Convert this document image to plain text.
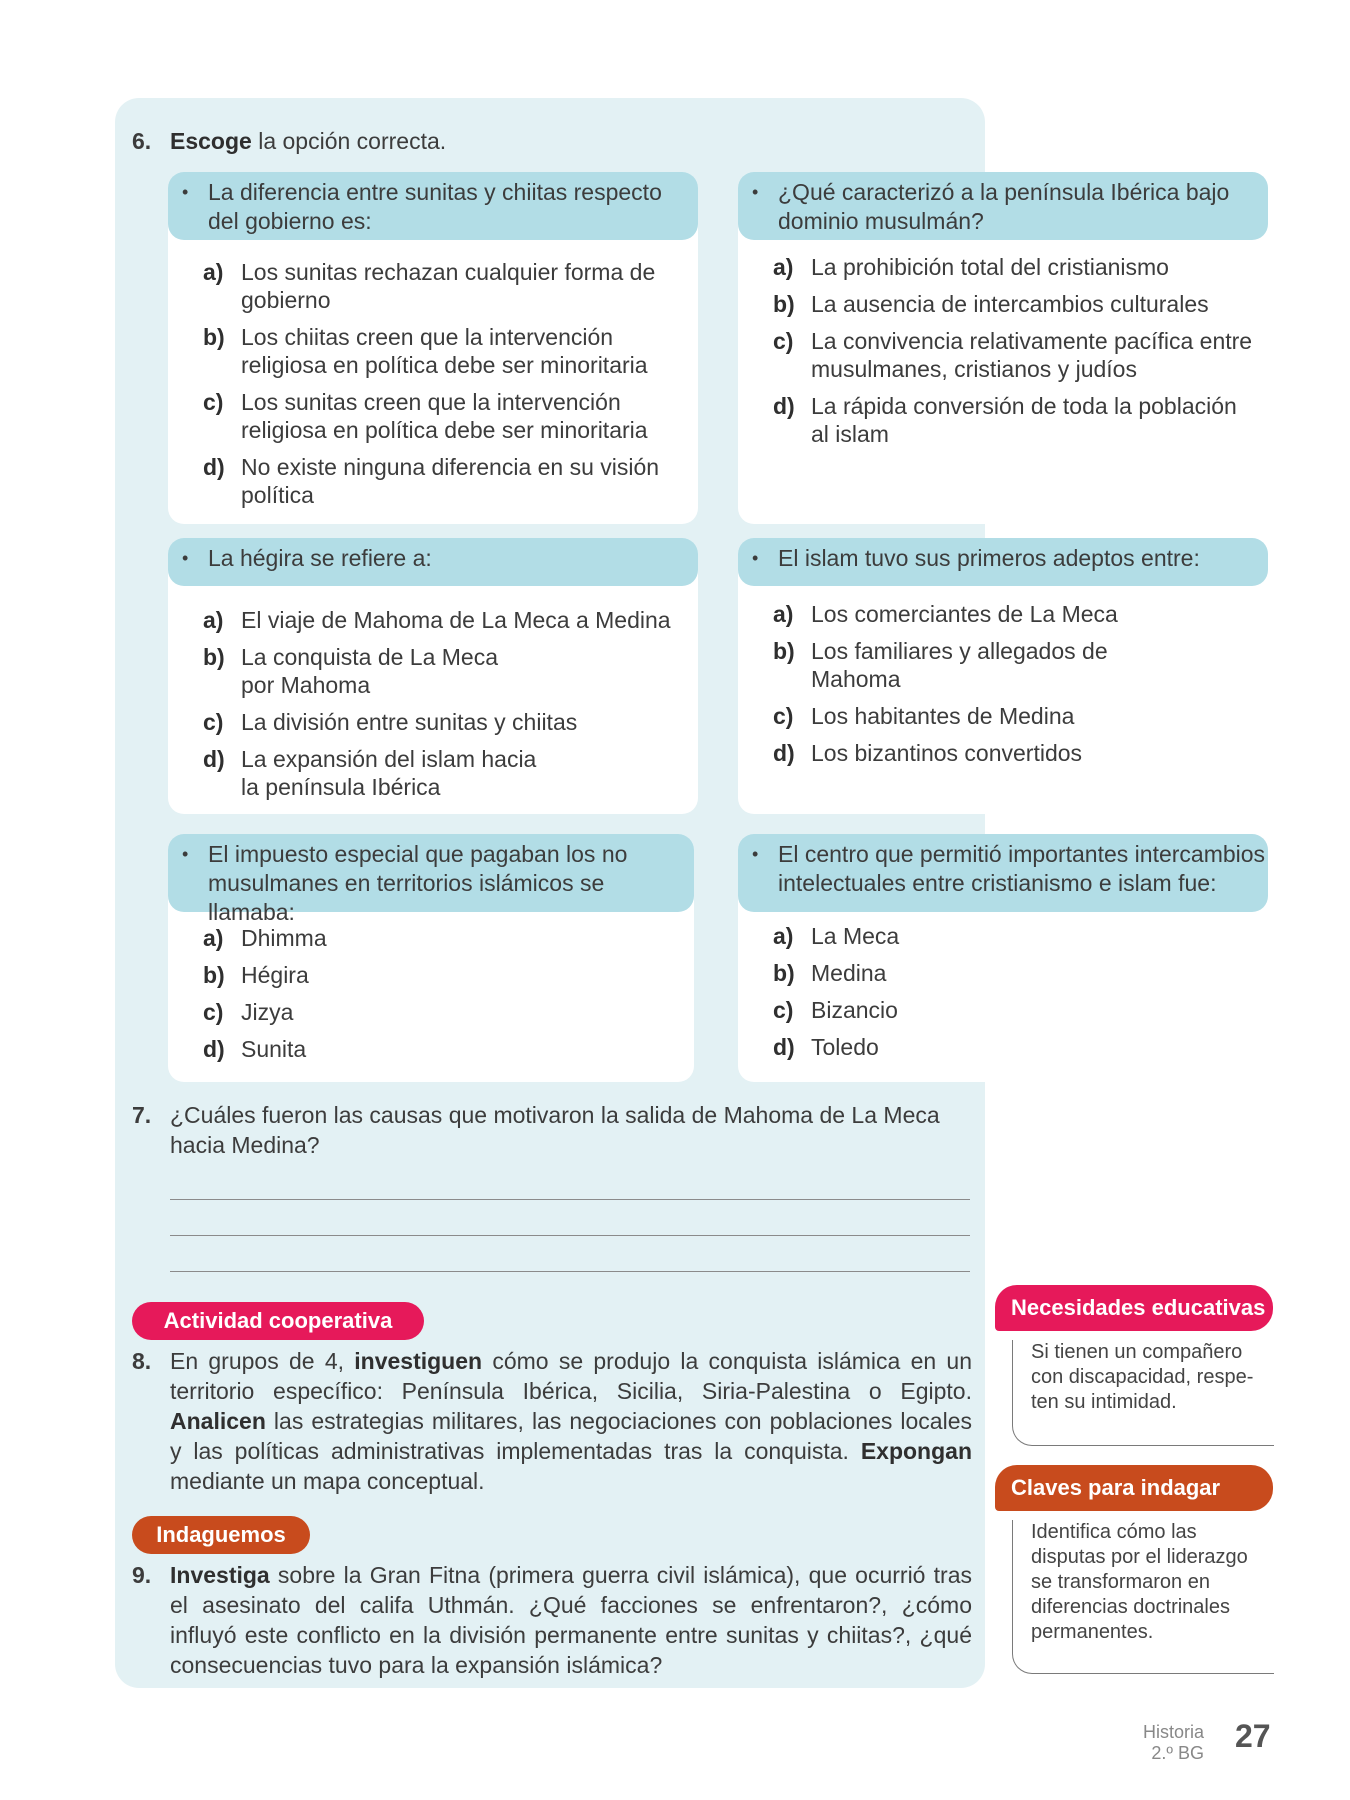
6. Escoge la opción correcta.
• La diferencia entre sunitas y chiitas respecto del gobierno es:
a) Los sunitas rechazan cualquier forma de gobierno
b) Los chiitas creen que la intervención religiosa en política debe ser minoritaria
c) Los sunitas creen que la intervención religiosa en política debe ser minoritaria
d) No existe ninguna diferencia en su visión política
• ¿Qué caracterizó a la península Ibérica bajo dominio musulmán?
a) La prohibición total del cristianismo
b) La ausencia de intercambios culturales
c) La convivencia relativamente pacífica entre musulmanes, cristianos y judíos
d) La rápida conversión de toda la población al islam
• La hégira se refiere a:
a) El viaje de Mahoma de La Meca a Medina
b) La conquista de La Meca por Mahoma
c) La división entre sunitas y chiitas
d) La expansión del islam hacia la península Ibérica
• El islam tuvo sus primeros adeptos entre:
a) Los comerciantes de La Meca
b) Los familiares y allegados de Mahoma
c) Los habitantes de Medina
d) Los bizantinos convertidos
• El impuesto especial que pagaban los no musulmanes en territorios islámicos se llamaba:
a) Dhimma
b) Hégira
c) Jizya
d) Sunita
• El centro que permitió importantes intercambios intelectuales entre cristianismo e islam fue:
a) La Meca
b) Medina
c) Bizancio
d) Toledo
7. ¿Cuáles fueron las causas que motivaron la salida de Mahoma de La Meca hacia Medina?
Actividad cooperativa
8. En grupos de 4, investiguen cómo se produjo la conquista islámica en un territorio específico: Península Ibérica, Sicilia, Siria-Palestina o Egipto. Analicen las estrategias militares, las negociaciones con poblaciones locales y las políticas administrativas implementadas tras la conquista. Expongan mediante un mapa conceptual.
Indaguemos
9. Investiga sobre la Gran Fitna (primera guerra civil islámica), que ocurrió tras el asesinato del califa Uthmán. ¿Qué facciones se enfrentaron?, ¿cómo influyó este conflicto en la división permanente entre sunitas y chiitas?, ¿qué consecuencias tuvo para la expansión islámica?
Necesidades educativas
Si tienen un compañero con discapacidad, respe-ten su intimidad.
Claves para indagar
Identifica cómo las disputas por el liderazgo se transformaron en diferencias doctrinales permanentes.
Historia
2.º BG 27
